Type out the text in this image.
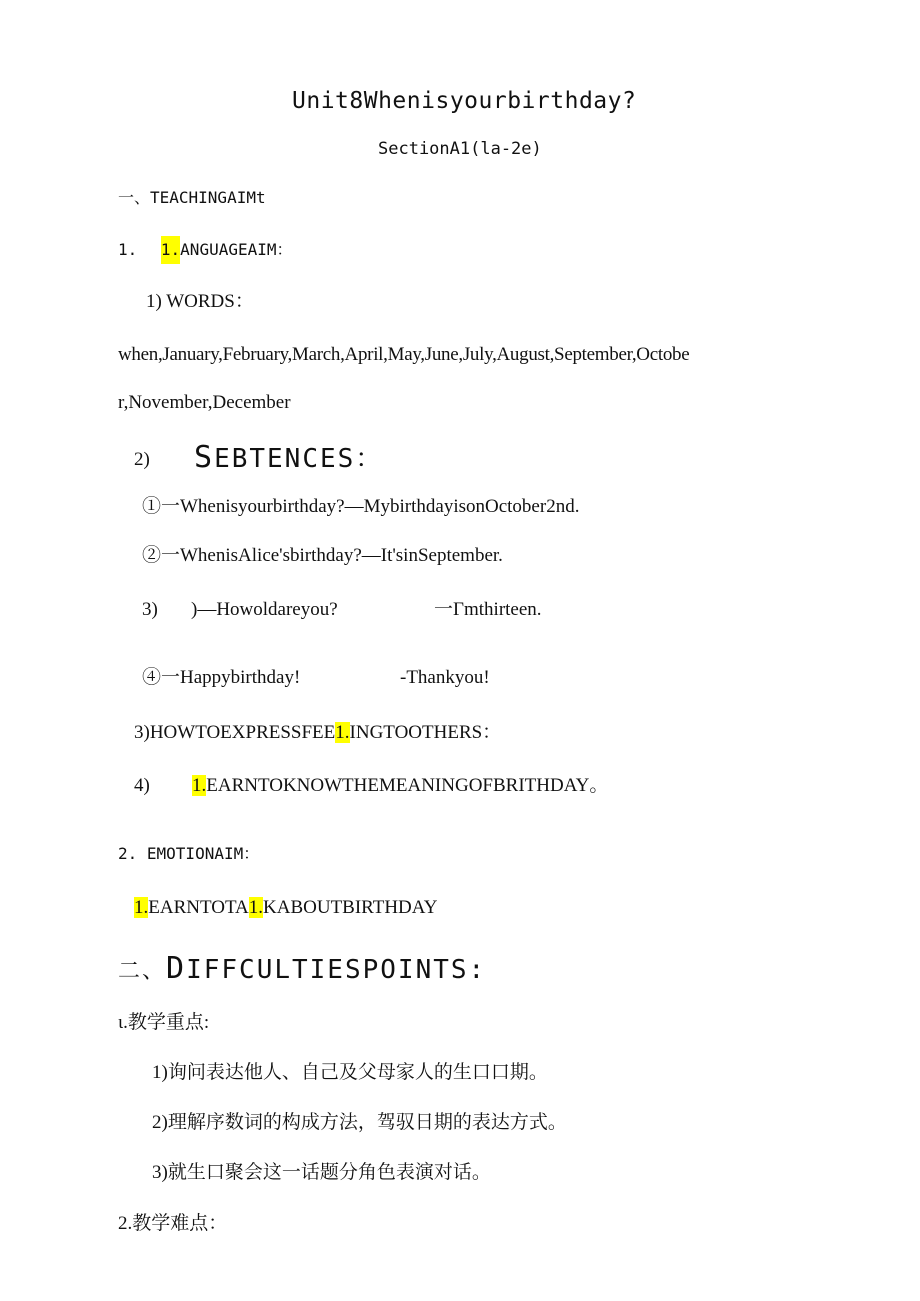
Unit8Whenisyourbirthday?
SectionA1(la-2e)
一、TEACHINGAIMt
1. 1.ANGUAGEAIM：
1) WORDS：
when,January,February,March,April,May,June,July,August,September,Octobe
r,November,December
2) SEBTENCES：
①一Whenisyourbirthday?—MybirthdayisonOctober2nd.
②一WhenisAlice'sbirthday?—It'sinSeptember.
3) )—Howoldareyou?	一Γmthirteen.
④一Happybirthday!	-Thankyou!
3)HOWTOEXPRESSFEE1.INGTOOTHERS：
4) 1.EARNTOKNOWTHEMEANINGOFBRITHDAY。
2. EMOTIONAIM：
1.EARNTOTA1.KABOUTBIRTHDAY
二、DIFFCULTIESPOINTS:
ι.教学重点:
1)询问表达他人、自己及父母家人的生口口期。
2)理解序数词的构成方法，驾驭日期的表达方式。
3)就生口聚会这一话题分角色表演对话。
2.教学难点：
